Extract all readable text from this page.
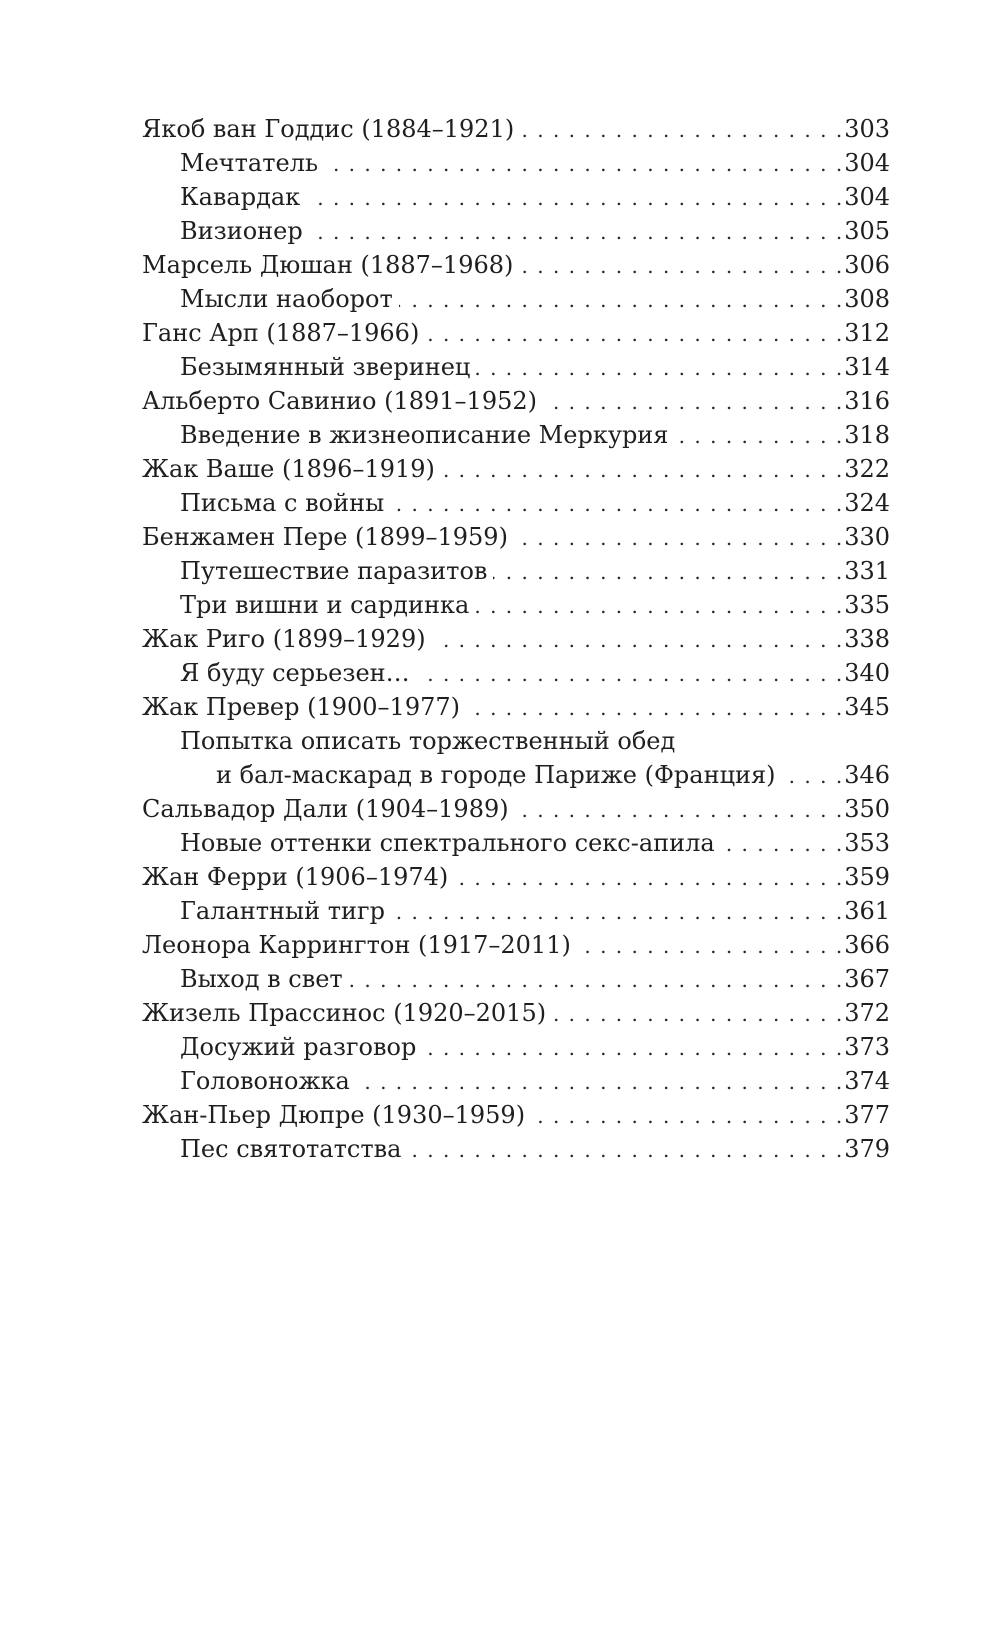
Якоб ван Годдис (1884–1921) . . .	303
Мечтатель . . .	304
Кавардак . . .	304
Визионер . . .	305
Марсель Дюшан (1887–1968) . . .	306
Мысли наоборот . . .	308
Ганс Арп (1887–1966) . . .	312
Безымянный зверинец . . .	314
Альберто Савинио (1891–1952) . . .	316
Введение в жизнеописание Меркурия . . .	318
Жак Ваше (1896–1919) . . .	322
Письма с войны . . .	324
Бенжамен Пере (1899–1959) . . .	330
Путешествие паразитов . . .	331
Три вишни и сардинка . . .	335
Жак Риго (1899–1929) . . .	338
Я буду серьезен… . . .	340
Жак Превер (1900–1977) . . .	345
Попытка описать торжественный обед
и бал-маскарад в городе Париже (Франция) . . .	346
Сальвадор Дали (1904–1989) . . .	350
Новые оттенки спектрального секс-апила . . .	353
Жан Ферри (1906–1974) . . .	359
Галантный тигр . . .	361
Леонора Каррингтон (1917–2011) . . .	366
Выход в свет . . .	367
Жизель Прассинос (1920–2015) . . .	372
Досужий разговор . . .	373
Головоножка . . .	374
Жан-Пьер Дюпре (1930–1959) . . .	377
Пес святотатства . . .	379
